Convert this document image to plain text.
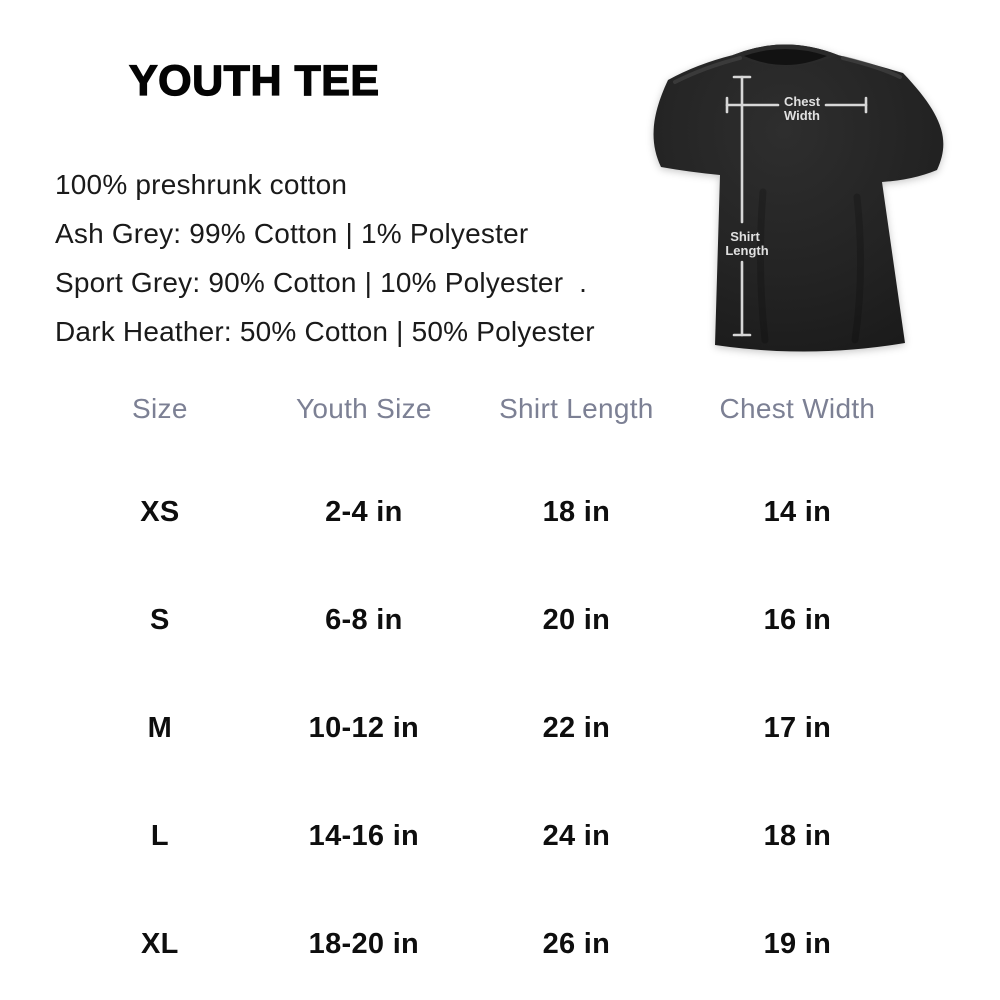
YOUTH TEE
100% preshrunk cotton
Ash Grey: 99% Cotton | 1% Polyester
Sport Grey: 90% Cotton | 10% Polyester  .
Dark Heather: 50% Cotton | 50% Polyester
Chest
Width
Shirt
Length
Size	Youth Size	Shirt Length	Chest Width
XS	2-4 in	18 in	14 in
S	6-8 in	20 in	16 in
M	10-12 in	22 in	17 in
L	14-16 in	24 in	18 in
XL	18-20 in	26 in	19 in
